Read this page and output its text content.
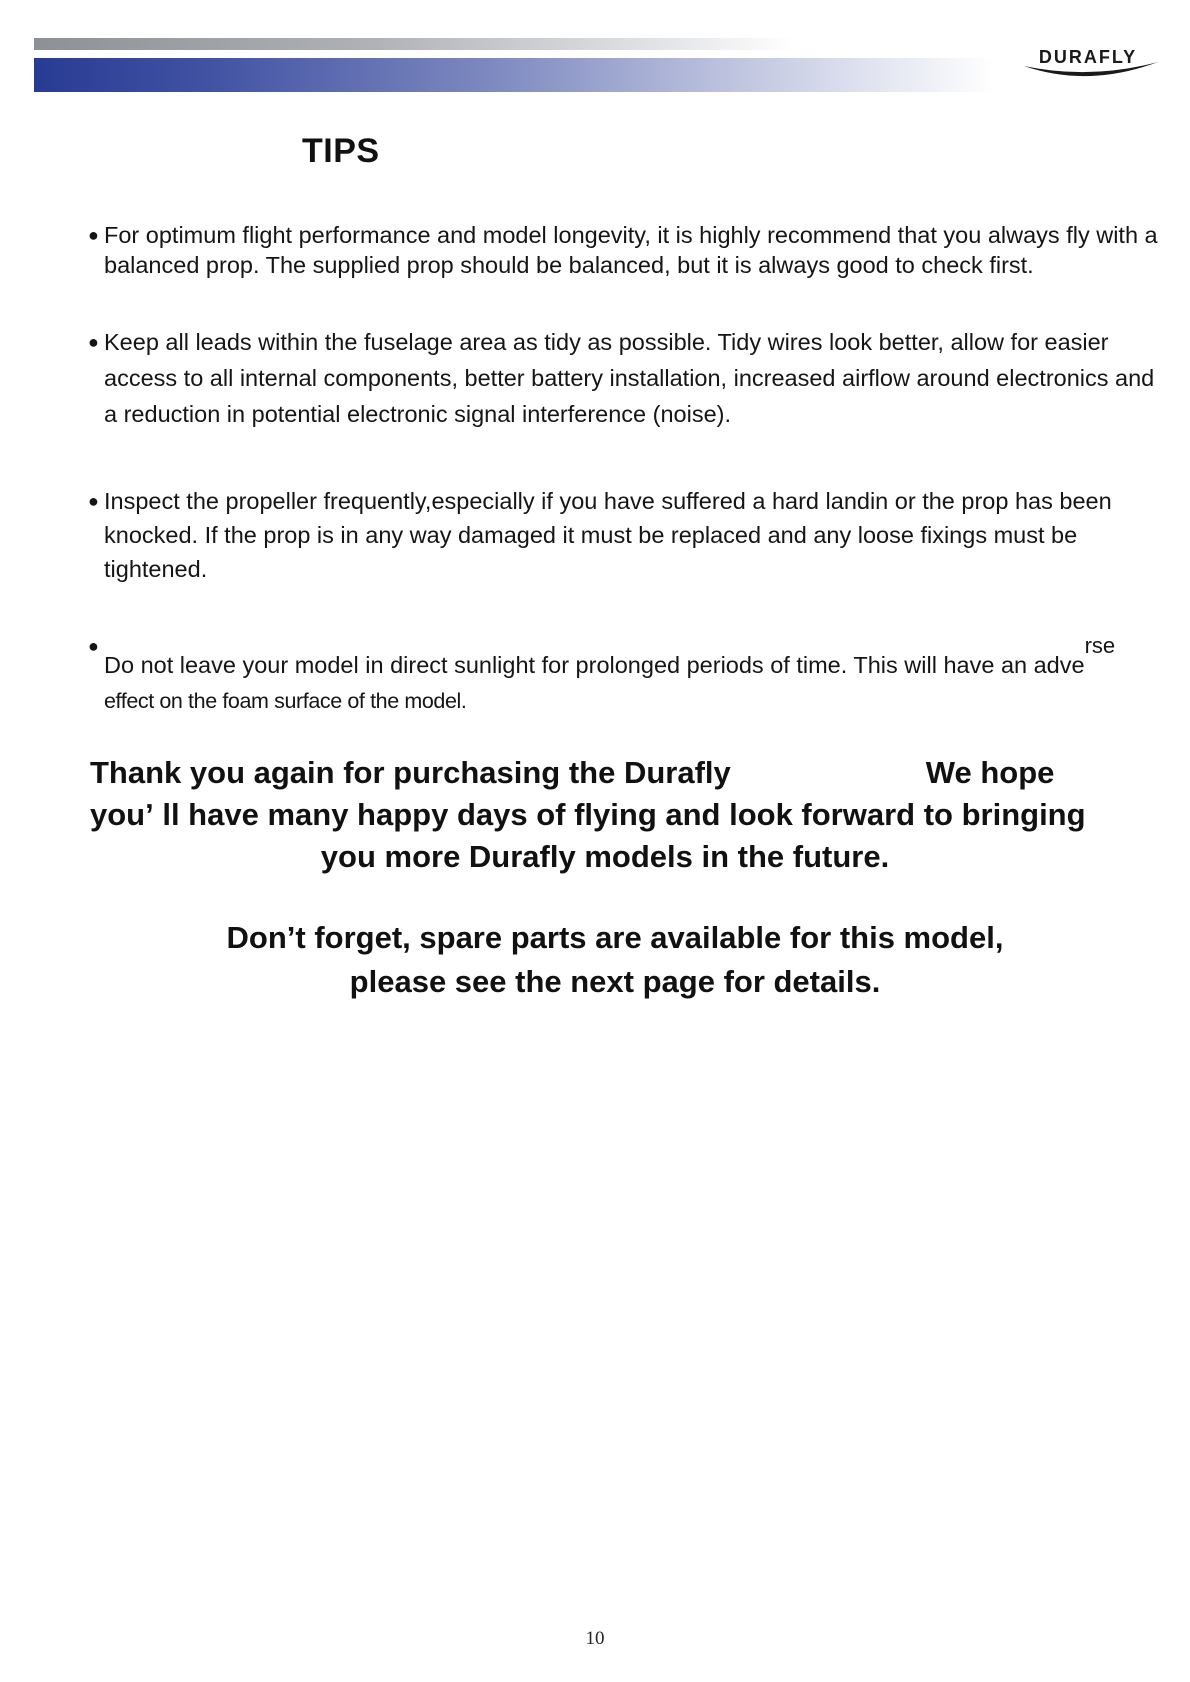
DURAFLY
TIPS
● For optimum flight performance and model longevity, it is highly recommend that you always fly with a balanced prop. The supplied prop should be balanced, but it is always good to check first.
● Keep all leads within the fuselage area as tidy as possible. Tidy wires look better, allow for easier access to all internal components, better battery installation, increased airflow around electronics and a reduction in potential electronic signal interference (noise).
● Inspect the propeller frequently,especially if you have suffered a hard landin or the prop has been knocked. If the prop is in any way damaged it must be replaced and any loose fixings must be tightened.
●
Do not leave your model in direct sunlight for prolonged periods of time. This will have an adverse
effect on the foam surface of the model.
Thank you again for purchasing the Durafly	We hope youʼ ll have many happy days of flying and look forward to bringing
you more Durafly models in the future.
Don’t forget, spare parts are available for this model,
please see the next page for details.
10
